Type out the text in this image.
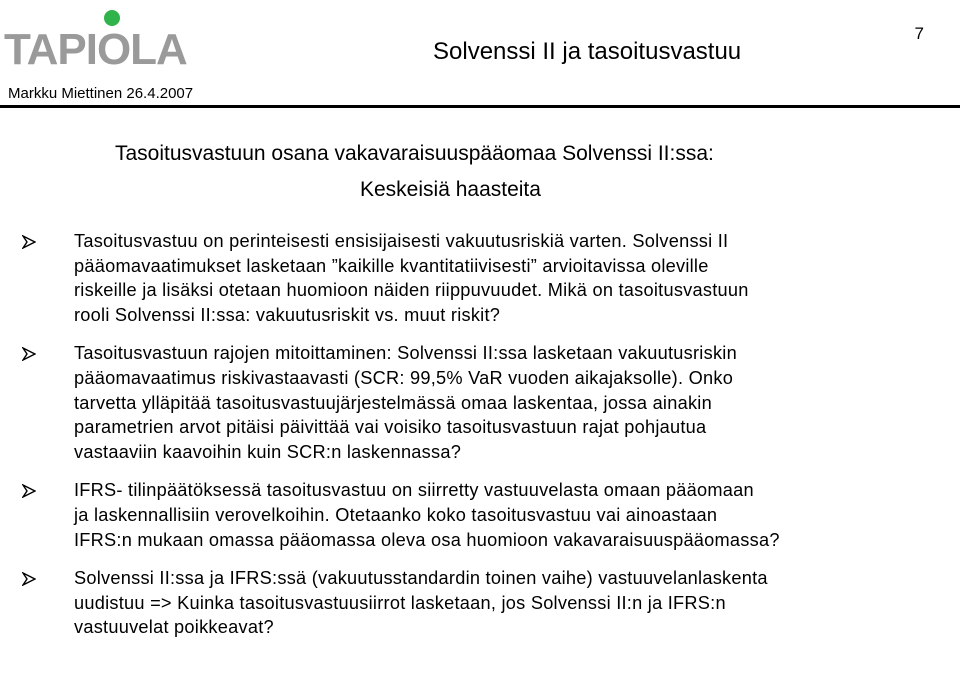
TAPIOLA	7
Solvenssi II ja tasoitusvastuu
Markku Miettinen 26.4.2007
Tasoitusvastuun osana vakavaraisuuspääomaa Solvenssi II:ssa:
Keskeisiä haasteita
Tasoitusvastuu on perinteisesti ensisijaisesti vakuutusriskiä varten. Solvenssi II
pääomavaatimukset lasketaan ”kaikille kvantitatiivisesti” arvioitavissa oleville
riskeille ja lisäksi otetaan huomioon näiden riippuvuudet. Mikä on tasoitusvastuun
rooli Solvenssi II:ssa: vakuutusriskit vs. muut riskit?
Tasoitusvastuun rajojen mitoittaminen: Solvenssi II:ssa lasketaan vakuutusriskin
pääomavaatimus riskivastaavasti (SCR: 99,5% VaR vuoden aikajaksolle). Onko
tarvetta ylläpitää tasoitusvastuujärjestelmässä omaa laskentaa, jossa ainakin
parametrien arvot pitäisi päivittää vai voisiko tasoitusvastuun rajat pohjautua
vastaaviin kaavoihin kuin SCR:n laskennassa?
IFRS- tilinpäätöksessä tasoitusvastuu on siirretty vastuuvelasta omaan pääomaan
ja laskennallisiin verovelkoihin. Otetaanko koko tasoitusvastuu vai ainoastaan
IFRS:n mukaan omassa pääomassa oleva osa huomioon vakavaraisuuspääomassa?
Solvenssi II:ssa ja IFRS:ssä (vakuutusstandardin toinen vaihe) vastuuvelanlaskenta
uudistuu => Kuinka tasoitusvastuusiirrot lasketaan, jos Solvenssi II:n ja IFRS:n
vastuuvelat poikkeavat?
